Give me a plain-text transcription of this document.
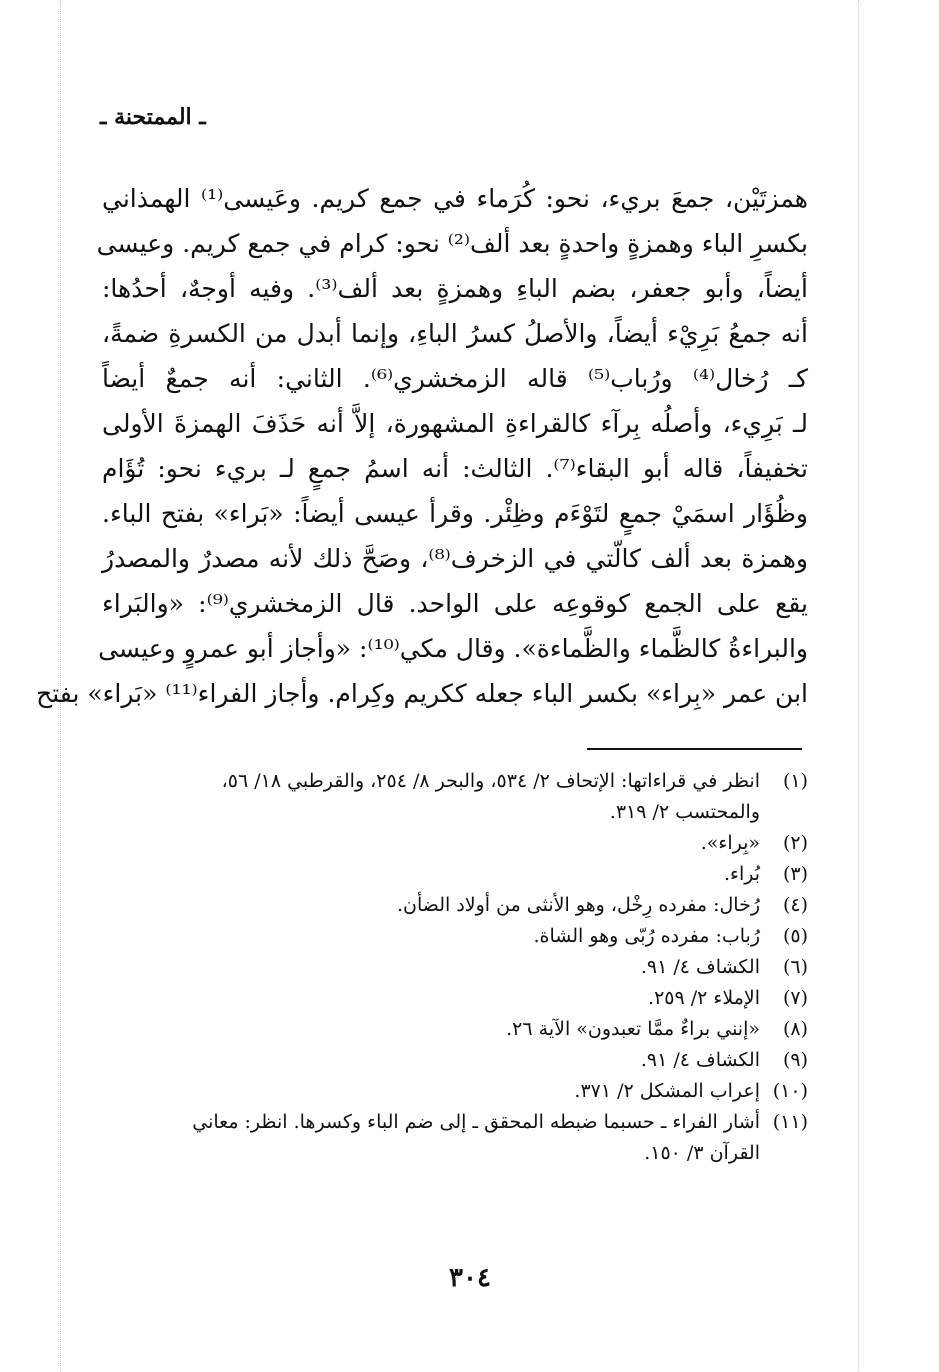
ـ الممتحنة ـ
همزتَيْن، جمعَ بريء، نحو: كُرَماء في جمع كريم. وعَيسى⁽¹⁾ الهمذاني
بكسرِ الباء وهمزةٍ واحدةٍ بعد ألف⁽²⁾ نحو: كرام في جمع كريم. وعيسى
أيضاً، وأبو جعفر، بضم الباءِ وهمزةٍ بعد ألف⁽³⁾. وفيه أوجهٌ، أحدُها:
أنه جمعُ بَرِيْء أيضاً، والأصلُ كسرُ الباءِ، وإنما أبدل من الكسرةِ ضمةً،
كـ رُخال⁽⁴⁾ ورُباب⁽⁵⁾ قاله الزمخشري⁽⁶⁾. الثاني: أنه جمعٌ أيضاً
لـ بَرِيء، وأصلُه بِرآء كالقراءةِ المشهورة، إلاَّ أنه حَذَفَ الهمزةَ الأولى
تخفيفاً، قاله أبو البقاء⁽⁷⁾. الثالث: أنه اسمُ جمعٍ لـ بريء نحو: تُؤَام
وظُؤَار اسمَيْ جمعٍ لتَوْءَم وظِئْر. وقرأ عيسى أيضاً: «بَراء» بفتح الباء.
وهمزة بعد ألف كالّتي في الزخرف⁽⁸⁾، وصَحَّ ذلك لأنه مصدرٌ والمصدرُ
يقع على الجمع كوقوعِه على الواحد. قال الزمخشري⁽⁹⁾: «والبَراء
والبراءةُ كالظَّماء والظَّماءة». وقال مكي⁽¹⁰⁾: «وأجاز أبو عمروٍ وعيسى
ابن عمر «بِراء» بكسر الباء جعله ككريم وكِرام. وأجاز الفراء⁽¹¹⁾ «بَراء» بفتح
(١)
انظر في قراءاتها: الإتحاف ٢/ ٥٣٤، والبحر ٨/ ٢٥٤، والقرطبي ١٨/ ٥٦،
والمحتسب ٢/ ٣١٩.
(٢)
«بِراء».
(٣)
بُراء.
(٤)
رُخال: مفرده رِخْل، وهو الأنثى من أولاد الضأن.
(٥)
رُباب: مفرده رُبّى وهو الشاة.
(٦)
الكشاف ٤/ ٩١.
(٧)
الإملاء ٢/ ٢٥٩.
(٨)
«إنني براءٌ ممَّا تعبدون» الآية ٢٦.
(٩)
الكشاف ٤/ ٩١.
(١٠)
إعراب المشكل ٢/ ٣٧١.
(١١)
أشار الفراء ـ حسبما ضبطه المحقق ـ إلى ضم الباء وكسرها. انظر: معاني
القرآن ٣/ ١٥٠.
٣٠٤
